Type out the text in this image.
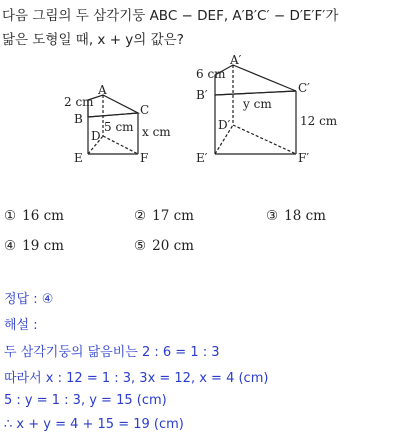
다음 그림의 두 삼각기둥 ABC − DEF, A′B′C′ − D′E′F′가
닮은 도형일 때, x + y의 값은?
A
B
C
D
E	F
2 cm
5 cm x cm
A′
B′	C′
D′
E′	F′
6 cm
y cm
12 cm
① 16 cm	② 17 cm	③ 18 cm
④ 19 cm	⑤ 20 cm
정답 : ④
해설 :
두 삼각기둥의 닮음비는 2 : 6 = 1 : 3
따라서 x : 12 = 1 : 3, 3x = 12, x = 4 (cm)
5 : y = 1 : 3, y = 15 (cm)
∴ x + y = 4 + 15 = 19 (cm)
